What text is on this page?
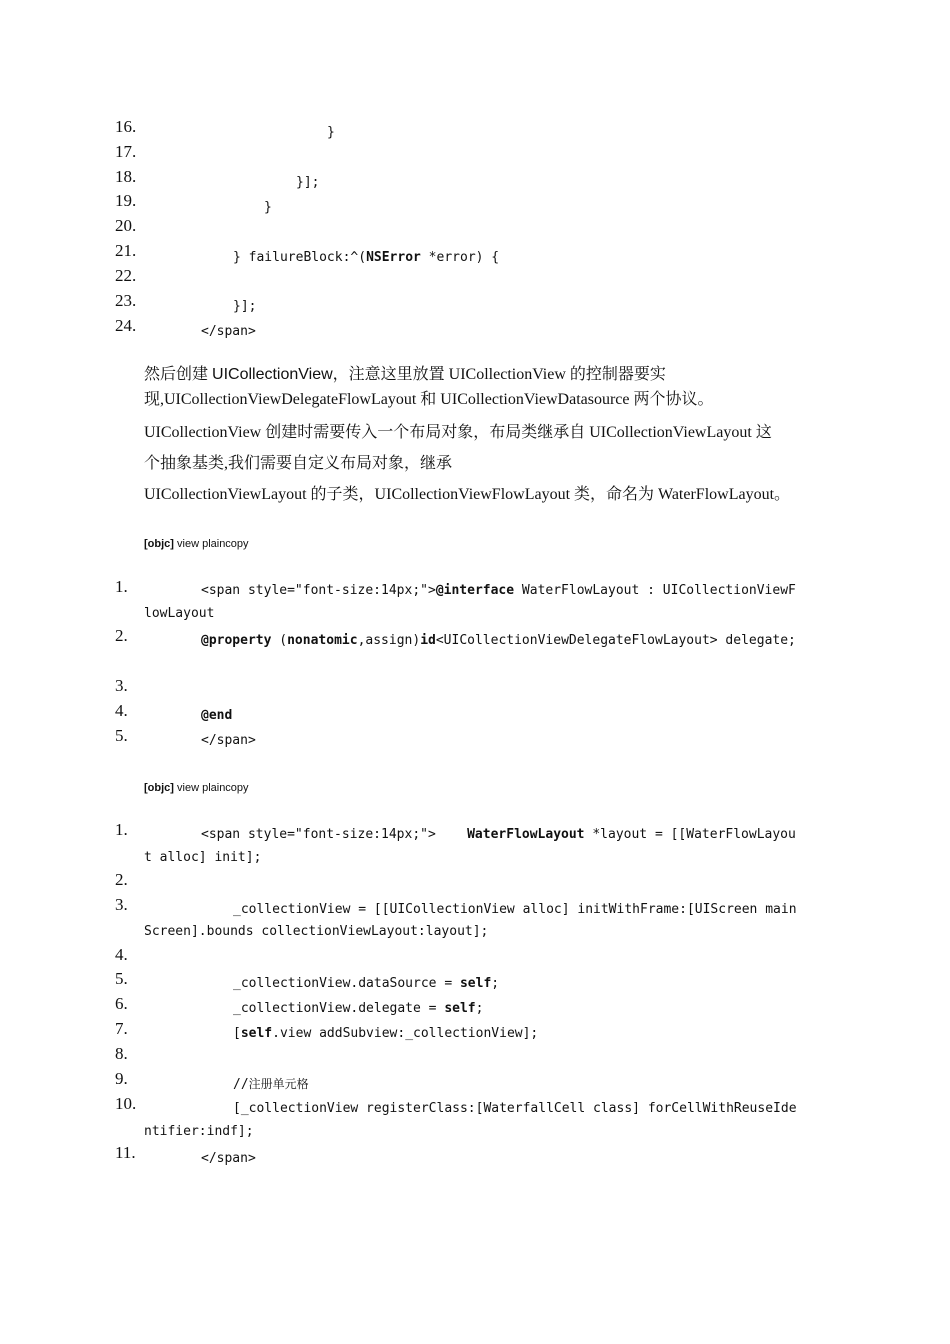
16.
17.
18.
19.
20.
21.
22.
23.
24.
}
}];
}
} failureBlock:^(NSError *error) {
}];
</span>
然后创建 UICollectionView，注意这里放置 UICollectionView 的控制器要实
现,UICollectionViewDelegateFlowLayout 和 UICollectionViewDatasource 两个协议。
UICollectionView 创建时需要传入一个布局对象，布局类继承自 UICollectionViewLayout 这
个抽象基类,我们需要自定义布局对象，继承
UICollectionViewLayout 的子类，UICollectionViewFlowLayout 类，命名为 WaterFlowLayout。
[objc] view plaincopy
1.
2.
3.
4.
5.
<span style="font-size:14px;">@interface WaterFlowLayout : UICollectionViewF
lowLayout
@property (nonatomic,assign)id<UICollectionViewDelegateFlowLayout> delegate;
@end
</span>
[objc] view plaincopy
1.
2.
3.
4.
5.
6.
7.
8.
9.
10.
11.
<span style="font-size:14px;">    WaterFlowLayout *layout = [[WaterFlowLayou
t alloc] init];
_collectionView = [[UICollectionView alloc] initWithFrame:[UIScreen main
Screen].bounds collectionViewLayout:layout];
_collectionView.dataSource = self;
_collectionView.delegate = self;
[self.view addSubview:_collectionView];
//注册单元格
[_collectionView registerClass:[WaterfallCell class] forCellWithReuseIde
ntifier:indf];
</span>
